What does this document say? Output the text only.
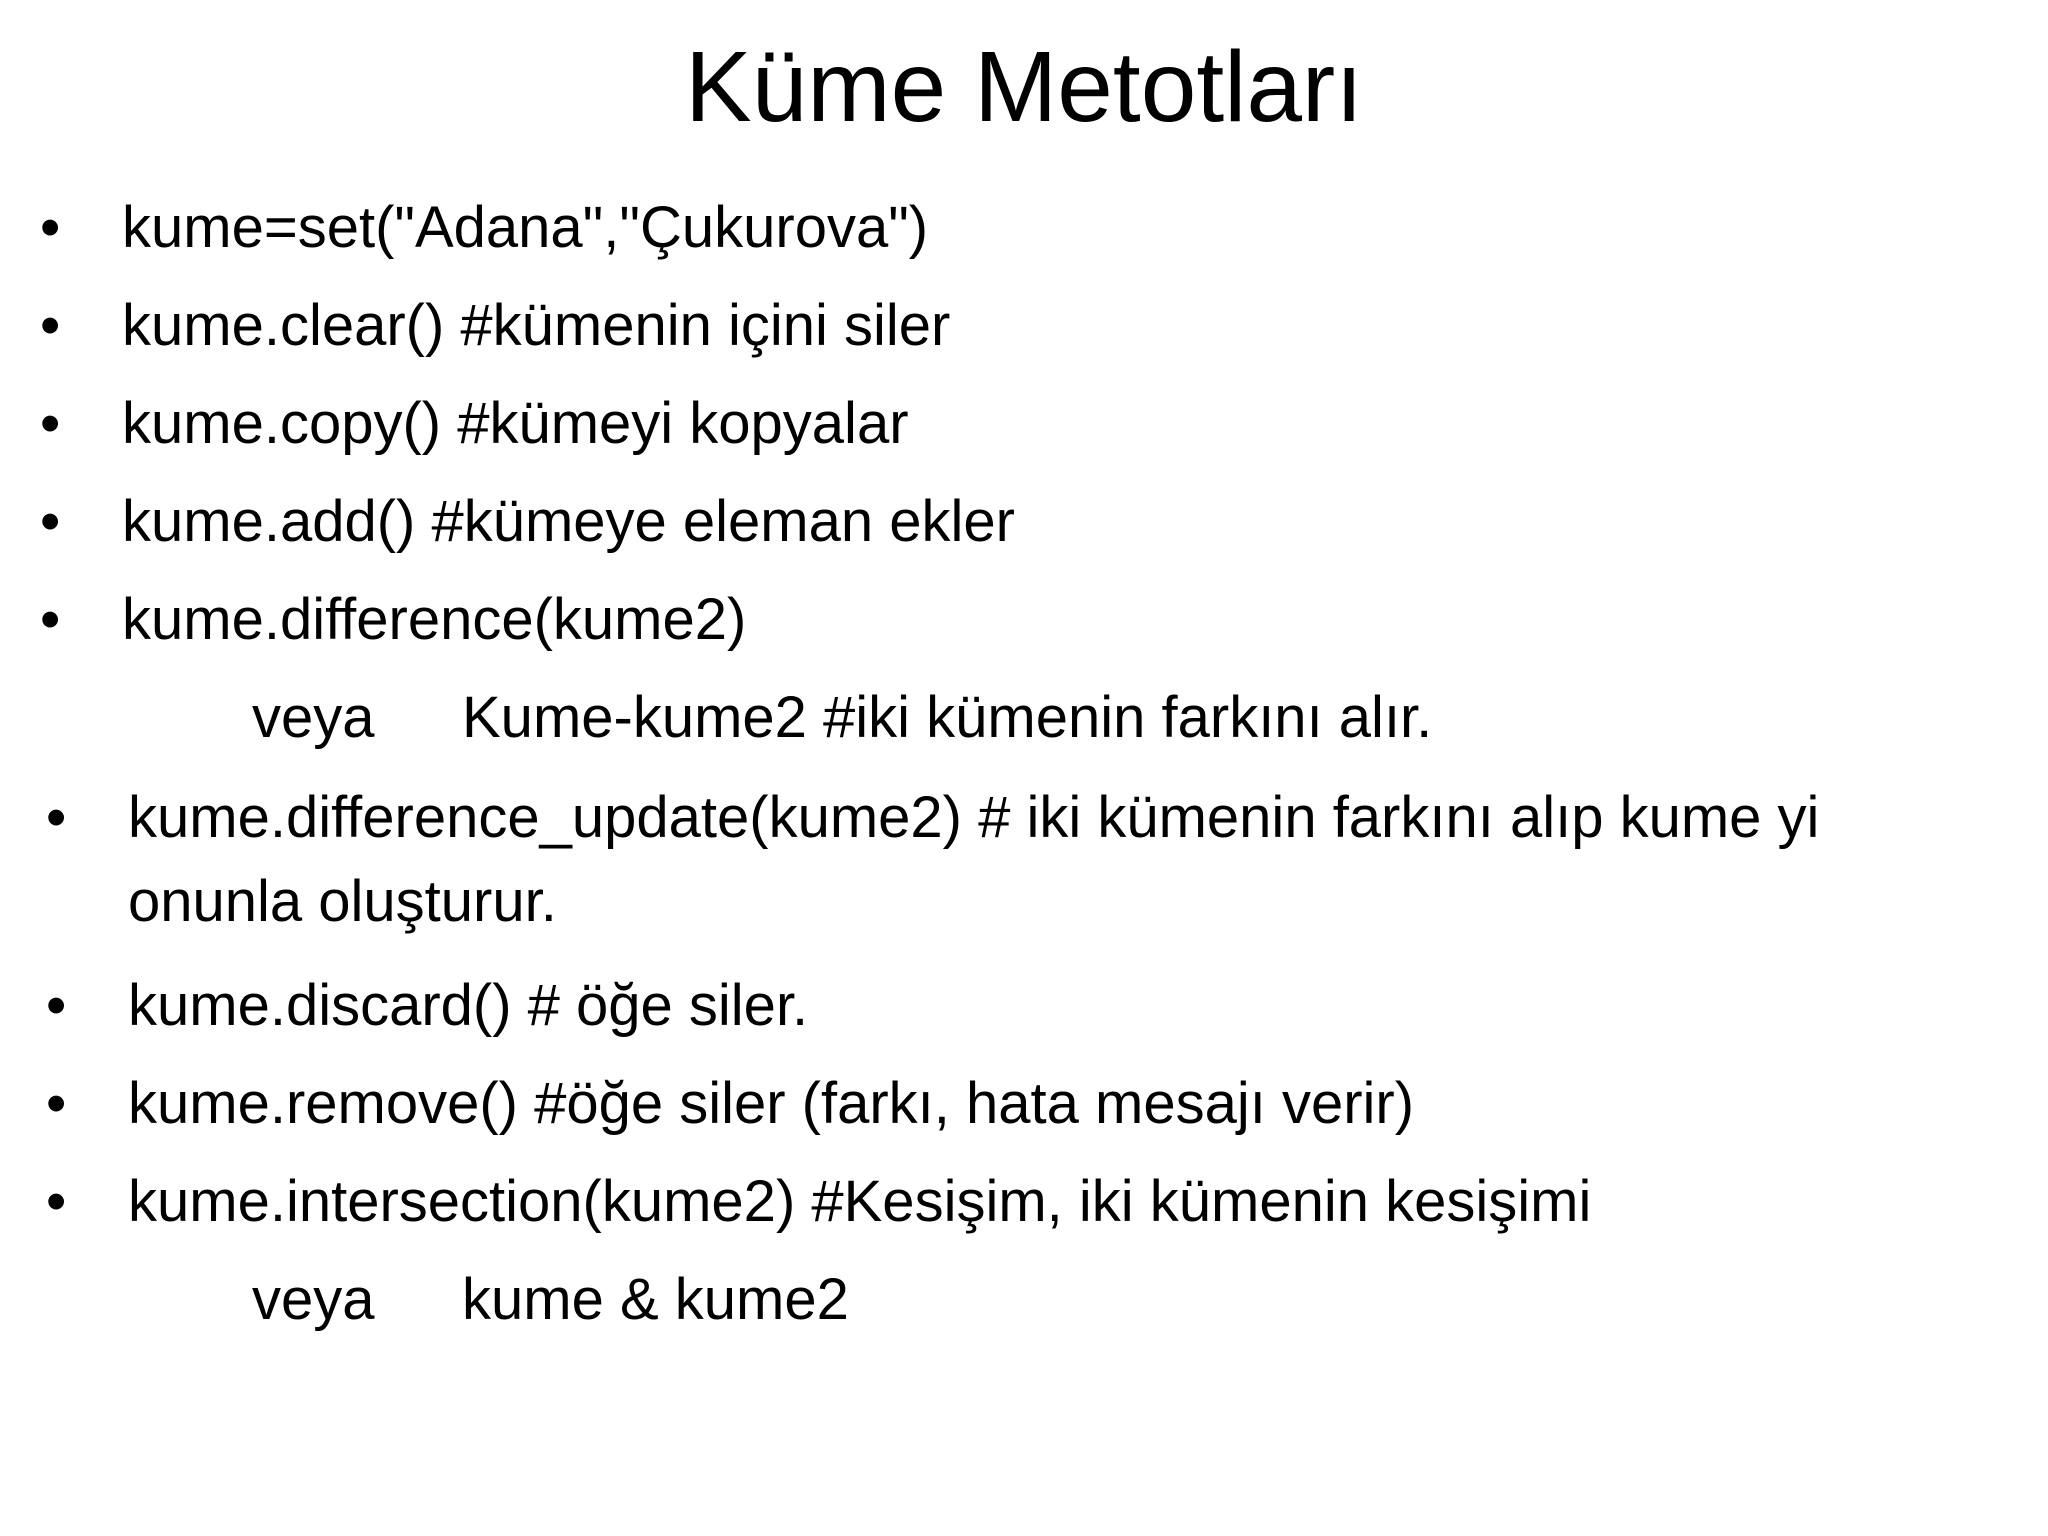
Küme Metotları
• kume=set("Adana","Çukurova")
• kume.clear() #kümenin içini siler
• kume.copy() #kümeyi kopyalar
• kume.add() #kümeye eleman ekler
• kume.difference(kume2)
veya Kume-kume2 #iki kümenin farkını alır.
• kume.difference_update(kume2) # iki kümenin farkını alıp kume yi
onunla oluşturur.
• kume.discard() # öğe siler.
• kume.remove() #öğe siler (farkı, hata mesajı verir)
• kume.intersection(kume2) #Kesişim, iki kümenin kesişimi
veya kume & kume2
